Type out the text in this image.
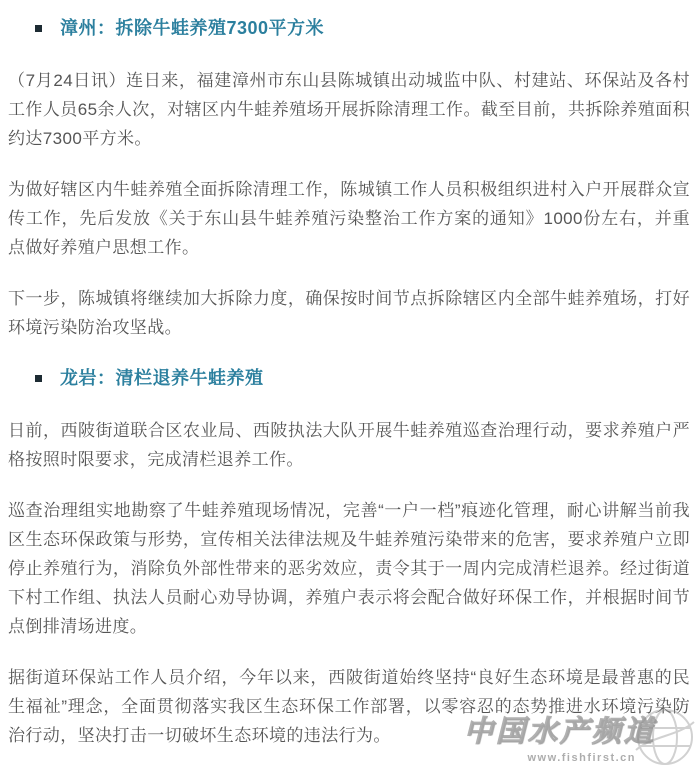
漳州：拆除牛蛙养殖7300平方米

（7月24日讯）连日来，福建漳州市东山县陈城镇出动城监中队、村建站、环保站及各村工作人员65余人次，对辖区内牛蛙养殖场开展拆除清理工作。截至目前，共拆除养殖面积约达7300平方米。

为做好辖区内牛蛙养殖全面拆除清理工作，陈城镇工作人员积极组织进村入户开展群众宣传工作，先后发放《关于东山县牛蛙养殖污染整治工作方案的通知》1000份左右，并重点做好养殖户思想工作。

下一步，陈城镇将继续加大拆除力度，确保按时间节点拆除辖区内全部牛蛙养殖场，打好环境污染防治攻坚战。

龙岩：清栏退养牛蛙养殖

日前，西陂街道联合区农业局、西陂执法大队开展牛蛙养殖巡查治理行动，要求养殖户严格按照时限要求，完成清栏退养工作。

巡查治理组实地勘察了牛蛙养殖现场情况，完善“一户一档”痕迹化管理，耐心讲解当前我区生态环保政策与形势，宣传相关法律法规及牛蛙养殖污染带来的危害，要求养殖户立即停止养殖行为，消除负外部性带来的恶劣效应，责令其于一周内完成清栏退养。经过街道下村工作组、执法人员耐心劝导协调，养殖户表示将会配合做好环保工作，并根据时间节点倒排清场进度。

据街道环保站工作人员介绍，今年以来，西陂街道始终坚持“良好生态环境是最普惠的民生福祉”理念，全面贯彻落实我区生态环保工作部署，以零容忍的态势推进水环境污染防治行动，坚决打击一切破坏生态环境的违法行为。	中国水产频道
www.fishfirst.cn
